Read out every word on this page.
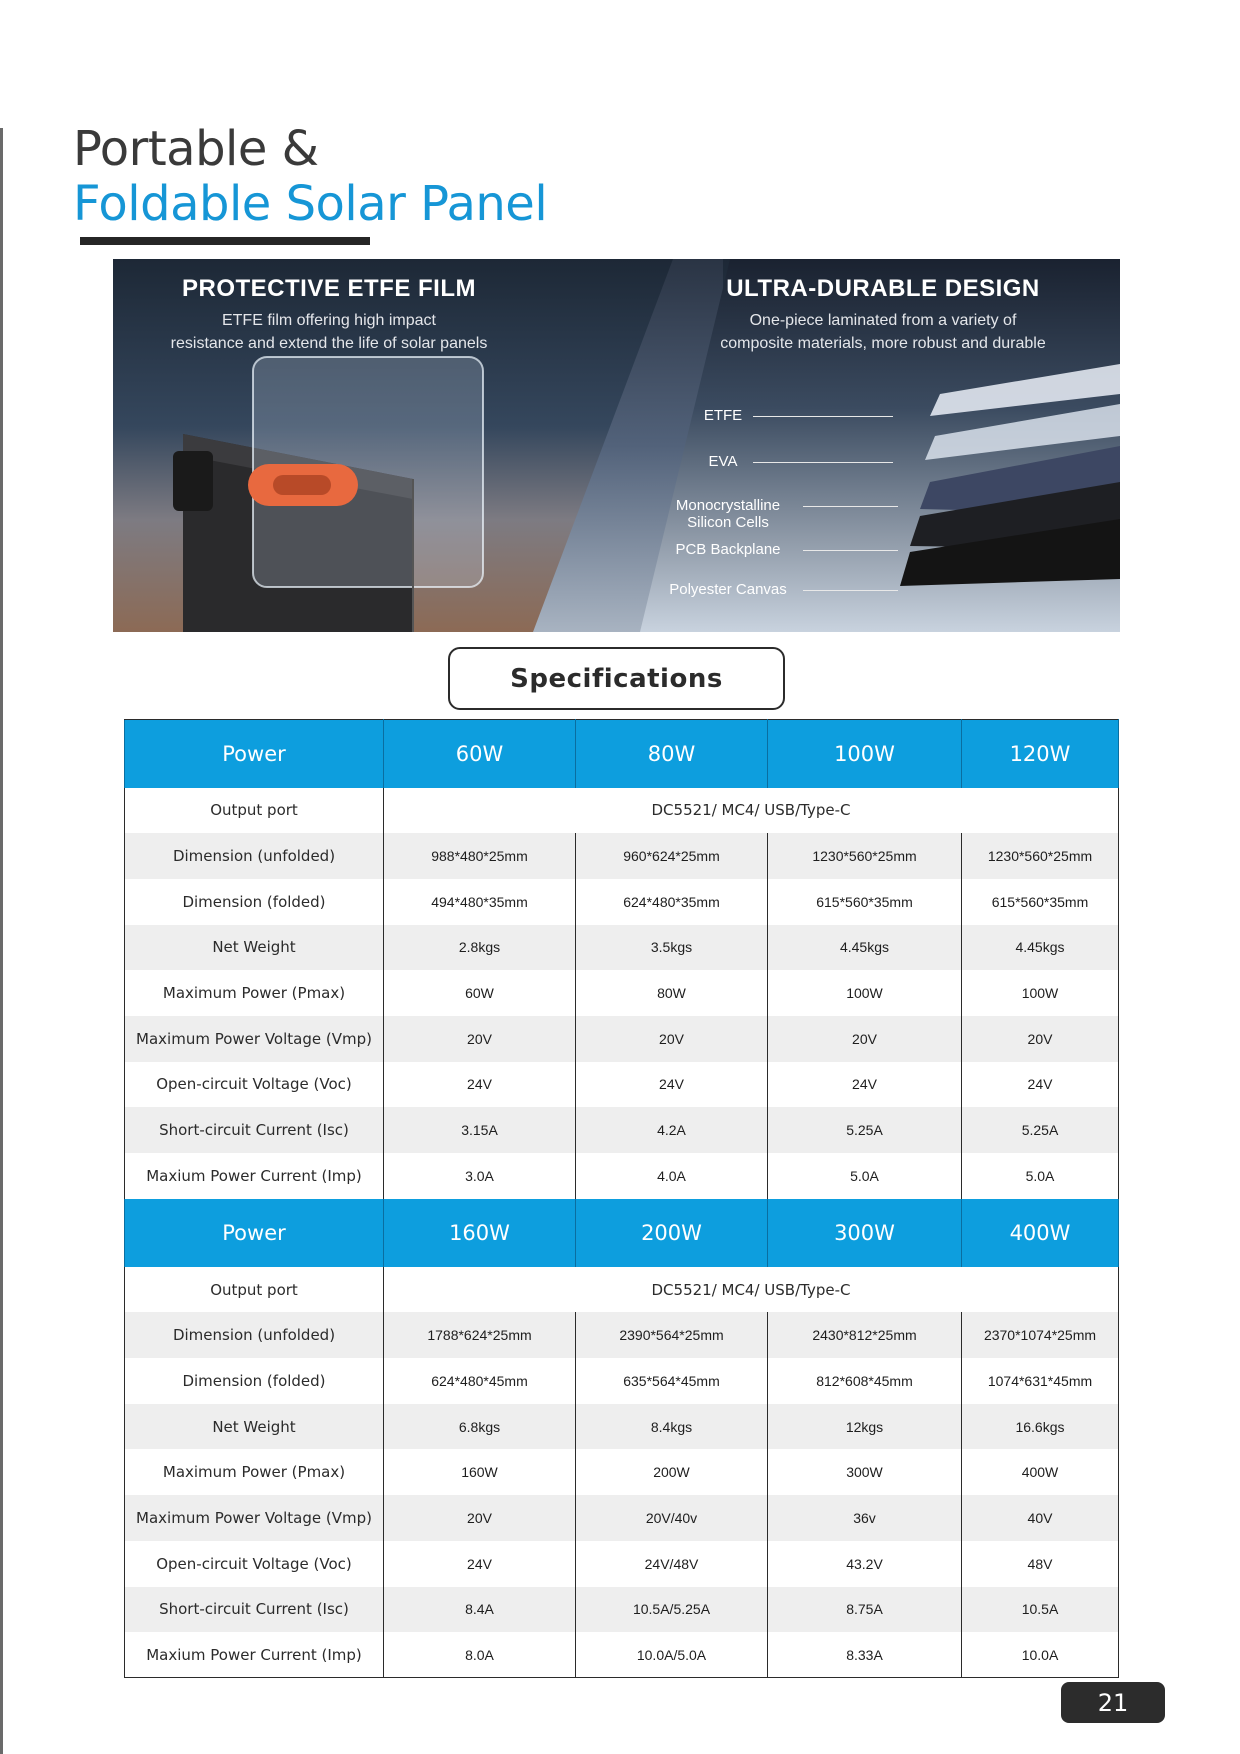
Portable &
Foldable Solar Panel
PROTECTIVE ETFE FILM
ETFE film offering high impact
resistance and extend the life of solar panels
ULTRA-DURABLE DESIGN
One-piece laminated from a variety of
composite materials, more robust and durable
ETFE
EVA
Monocrystalline
Silicon Cells
PCB Backplane
Polyester Canvas
Specifications
Power	60W	80W	100W	120W
Output port	DC5521/ MC4/ USB/Type-C			
Dimension (unfolded)	988*480*25mm	960*624*25mm	1230*560*25mm	1230*560*25mm
Dimension (folded)	494*480*35mm	624*480*35mm	615*560*35mm	615*560*35mm
Net Weight	2.8kgs	3.5kgs	4.45kgs	4.45kgs
Maximum Power (Pmax)	60W	80W	100W	100W
Maximum Power Voltage (Vmp)	20V	20V	20V	20V
Open-circuit Voltage (Voc)	24V	24V	24V	24V
Short-circuit Current (Isc)	3.15A	4.2A	5.25A	5.25A
Maxium Power Current (Imp)	3.0A	4.0A	5.0A	5.0A
Power	160W	200W	300W	400W
Output port	DC5521/ MC4/ USB/Type-C			
Dimension (unfolded)	1788*624*25mm	2390*564*25mm	2430*812*25mm	2370*1074*25mm
Dimension (folded)	624*480*45mm	635*564*45mm	812*608*45mm	1074*631*45mm
Net Weight	6.8kgs	8.4kgs	12kgs	16.6kgs
Maximum Power (Pmax)	160W	200W	300W	400W
Maximum Power Voltage (Vmp)	20V	20V/40v	36v	40V
Open-circuit Voltage (Voc)	24V	24V/48V	43.2V	48V
Short-circuit Current (Isc)	8.4A	10.5A/5.25A	8.75A	10.5A
Maxium Power Current (Imp)	8.0A	10.0A/5.0A	8.33A	10.0A
21
